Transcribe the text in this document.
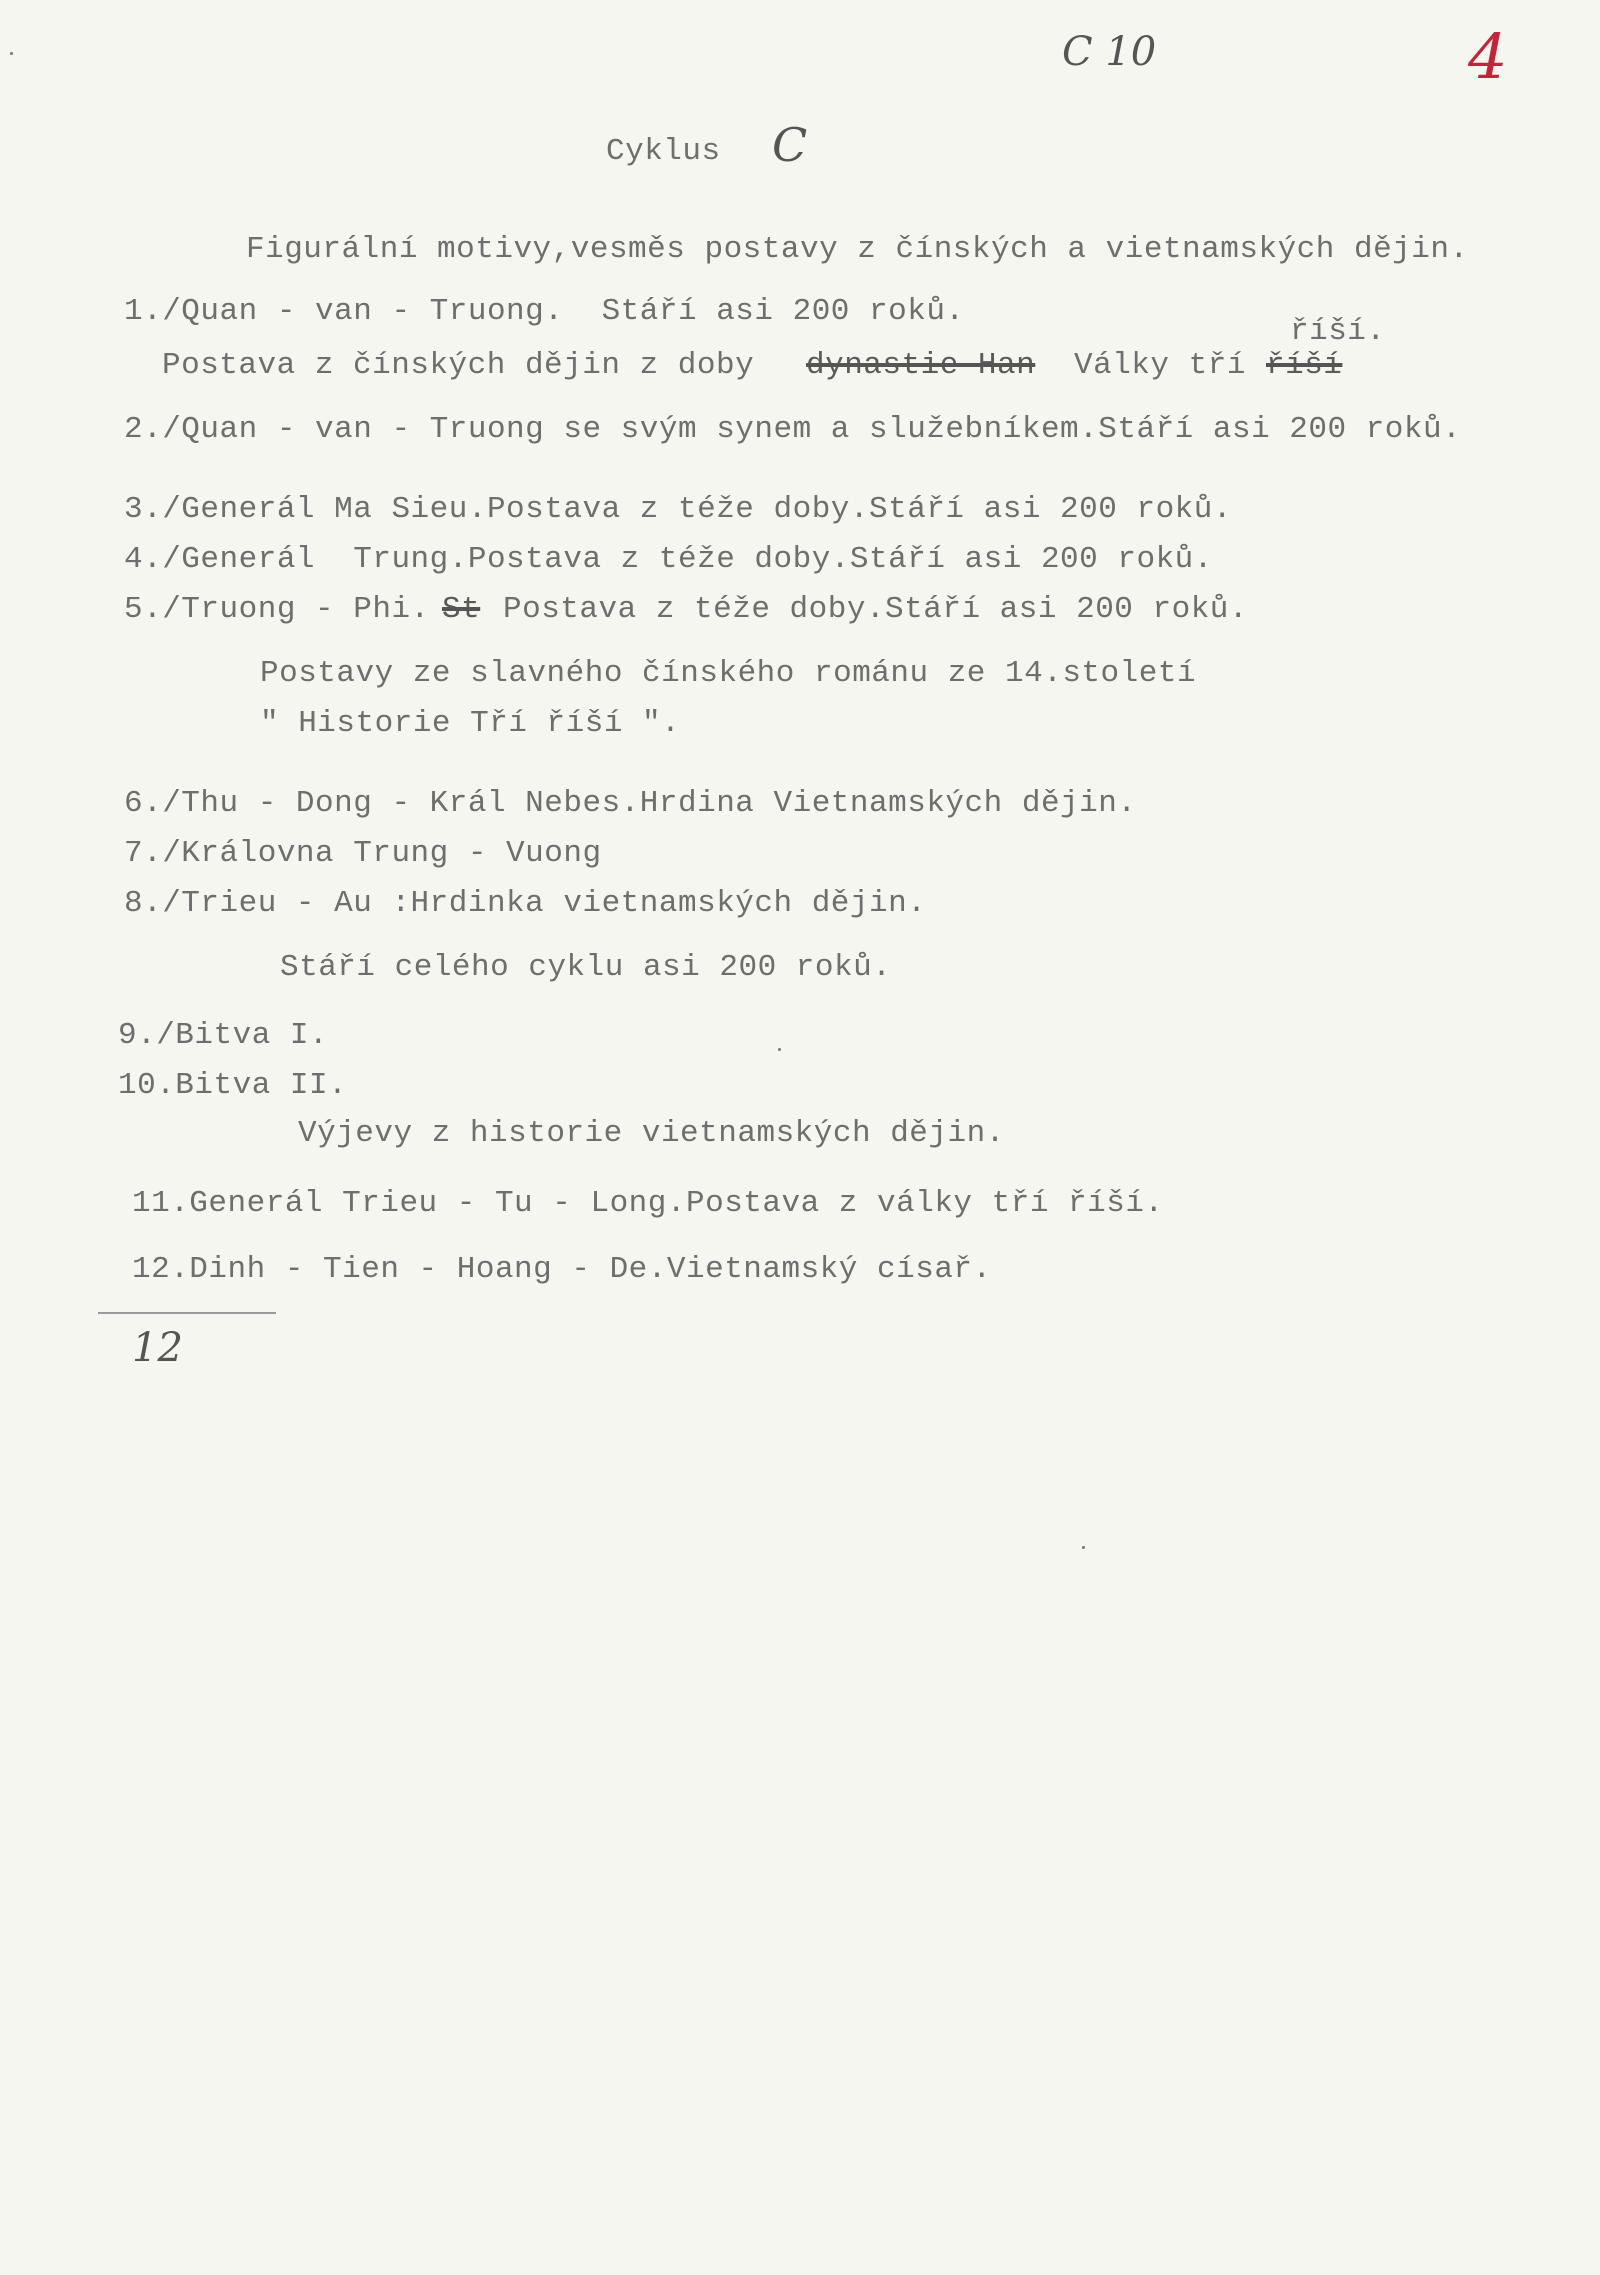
C 10	4
Cyklus C
Figurální motivy,vesměs postavy z čínských a vietnamských dějin.
1./Quan - van - Truong.  Stáří asi 200 roků.
říší.
Postava z čínských dějin z doby dynastie Han Války tří říší
2./Quan - van - Truong se svým synem a služebníkem.Stáří asi 200 roků.
3./Generál Ma Sieu.Postava z téže doby.Stáří asi 200 roků.
4./Generál  Trung.Postava z téže doby.Stáří asi 200 roků.
5./Truong - Phi. St Postava z téže doby.Stáří asi 200 roků.
Postavy ze slavného čínského románu ze 14.století
" Historie Tří říší ".
6./Thu - Dong - Král Nebes.Hrdina Vietnamských dějin.
7./Královna Trung - Vuong
8./Trieu - Au :Hrdinka vietnamských dějin.
Stáří celého cyklu asi 200 roků.
9./Bitva I.
10.Bitva II.
Výjevy z historie vietnamských dějin.
11.Generál Trieu - Tu - Long.Postava z války tří říší.
12.Dinh - Tien - Hoang - De.Vietnamský císař.
12
